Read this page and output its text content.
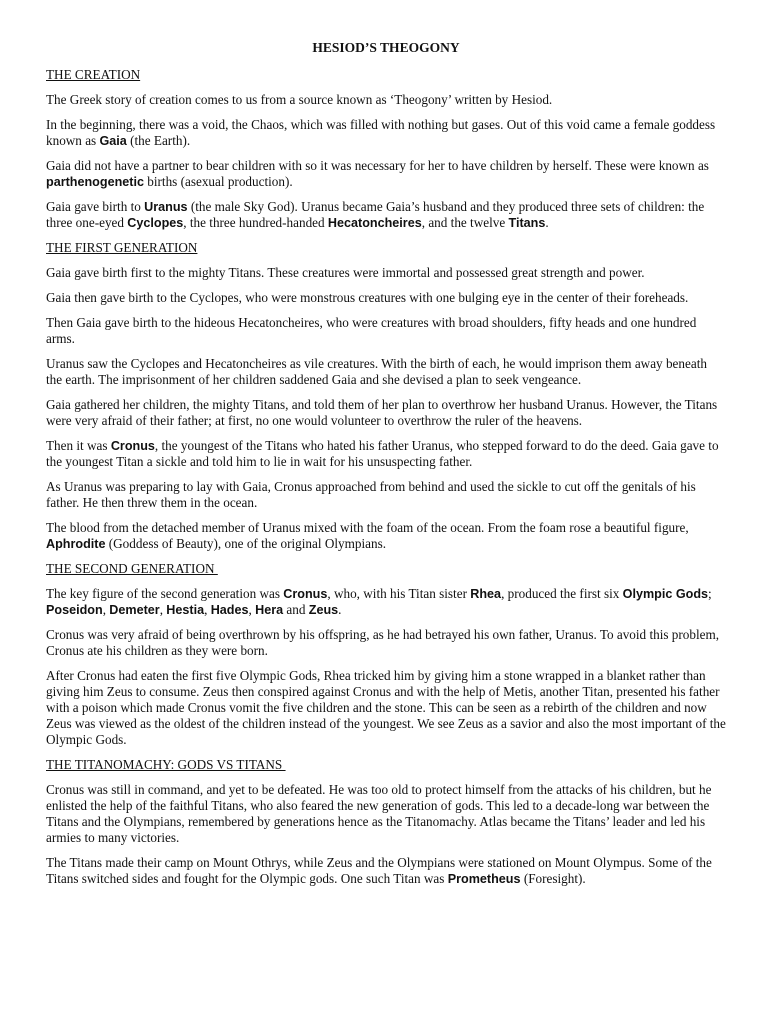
HESIOD’S THEOGONY
THE CREATION
The Greek story of creation comes to us from a source known as ‘Theogony’ written by Hesiod.
In the beginning, there was a void, the Chaos, which was filled with nothing but gases. Out of this void came a female goddess known as Gaia (the Earth).
Gaia did not have a partner to bear children with so it was necessary for her to have children by herself. These were known as parthenogenetic births (asexual production).
Gaia gave birth to Uranus (the male Sky God). Uranus became Gaia’s husband and they produced three sets of children: the three one-eyed Cyclopes, the three hundred-handed Hecatoncheires, and the twelve Titans.
THE FIRST GENERATION
Gaia gave birth first to the mighty Titans. These creatures were immortal and possessed great strength and power.
Gaia then gave birth to the Cyclopes, who were monstrous creatures with one bulging eye in the center of their foreheads.
Then Gaia gave birth to the hideous Hecatoncheires, who were creatures with broad shoulders, fifty heads and one hundred arms.
Uranus saw the Cyclopes and Hecatoncheires as vile creatures. With the birth of each, he would imprison them away beneath the earth. The imprisonment of her children saddened Gaia and she devised a plan to seek vengeance.
Gaia gathered her children, the mighty Titans, and told them of her plan to overthrow her husband Uranus. However, the Titans were very afraid of their father; at first, no one would volunteer to overthrow the ruler of the heavens.
Then it was Cronus, the youngest of the Titans who hated his father Uranus, who stepped forward to do the deed. Gaia gave to the youngest Titan a sickle and told him to lie in wait for his unsuspecting father.
As Uranus was preparing to lay with Gaia, Cronus approached from behind and used the sickle to cut off the genitals of his father. He then threw them in the ocean.
The blood from the detached member of Uranus mixed with the foam of the ocean. From the foam rose a beautiful figure, Aphrodite (Goddess of Beauty), one of the original Olympians.
THE SECOND GENERATION
The key figure of the second generation was Cronus, who, with his Titan sister Rhea, produced the first six Olympic Gods; Poseidon, Demeter, Hestia, Hades, Hera and Zeus.
Cronus was very afraid of being overthrown by his offspring, as he had betrayed his own father, Uranus. To avoid this problem, Cronus ate his children as they were born.
After Cronus had eaten the first five Olympic Gods, Rhea tricked him by giving him a stone wrapped in a blanket rather than giving him Zeus to consume. Zeus then conspired against Cronus and with the help of Metis, another Titan, presented his father with a poison which made Cronus vomit the five children and the stone. This can be seen as a rebirth of the children and now Zeus was viewed as the oldest of the children instead of the youngest. We see Zeus as a savior and also the most important of the Olympic Gods.
THE TITANOMACHY: GODS VS TITANS
Cronus was still in command, and yet to be defeated. He was too old to protect himself from the attacks of his children, but he enlisted the help of the faithful Titans, who also feared the new generation of gods. This led to a decade-long war between the Titans and the Olympians, remembered by generations hence as the Titanomachy. Atlas became the Titans’ leader and led his armies to many victories.
The Titans made their camp on Mount Othrys, while Zeus and the Olympians were stationed on Mount Olympus. Some of the Titans switched sides and fought for the Olympic gods. One such Titan was Prometheus (Foresight).
